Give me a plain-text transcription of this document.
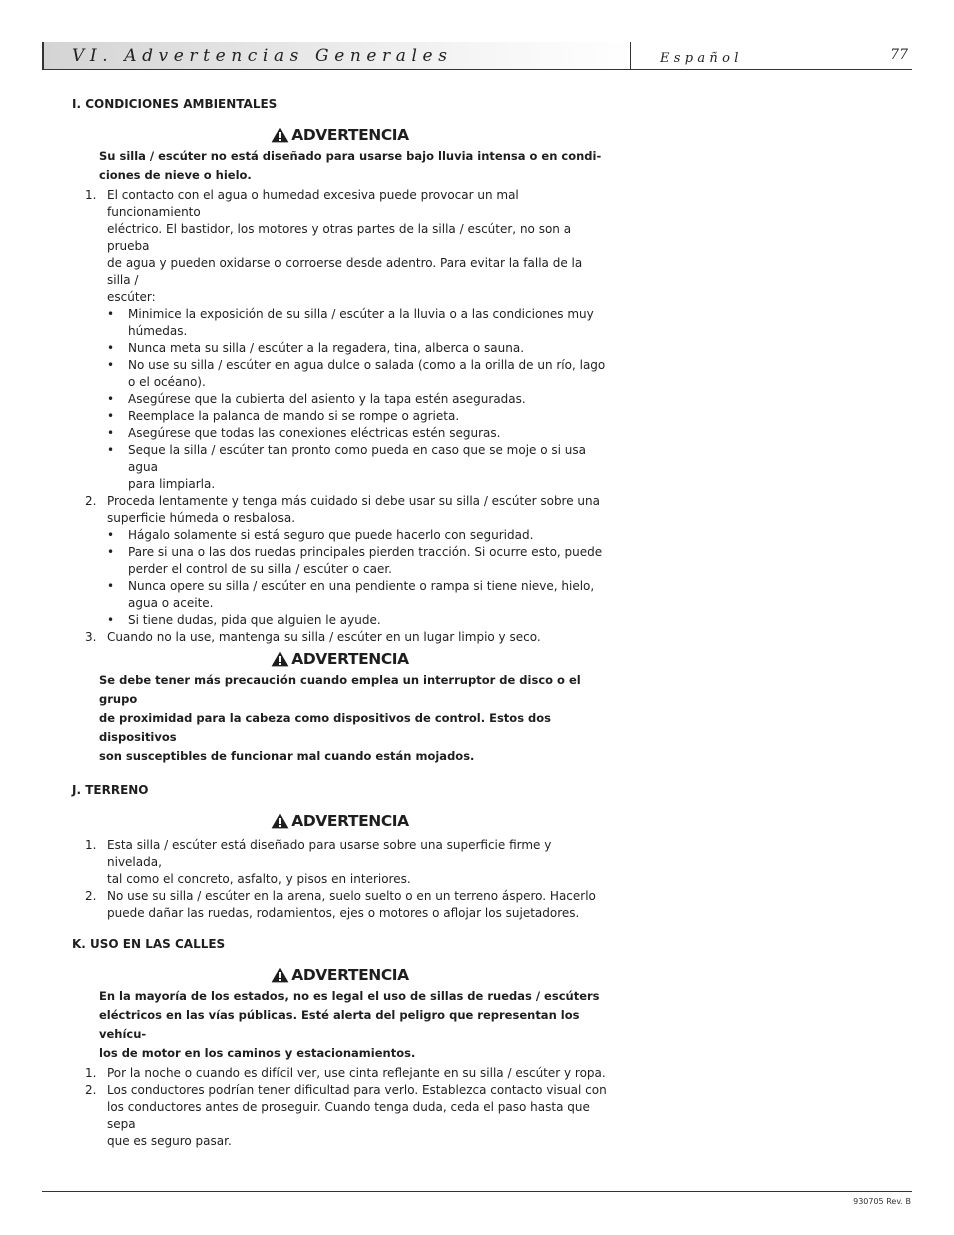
VI. Advertencias Generales	Español	77
I. CONDICIONES AMBIENTALES
ADVERTENCIA
Su silla / escúter no está diseñado para usarse bajo lluvia intensa o en condi-
ciones de nieve o hielo.
1. El contacto con el agua o humedad excesiva puede provocar un mal funcionamiento
eléctrico. El bastidor, los motores y otras partes de la silla / escúter, no son a prueba
de agua y pueden oxidarse o corroerse desde adentro. Para evitar la falla de la silla /
escúter:
• Minimice la exposición de su silla / escúter a la lluvia o a las condiciones muy
húmedas.
• Nunca meta su silla / escúter a la regadera, tina, alberca o sauna.
• No use su silla / escúter en agua dulce o salada (como a la orilla de un río, lago
o el océano).
• Asegúrese que la cubierta del asiento y la tapa estén aseguradas.
• Reemplace la palanca de mando si se rompe o agrieta.
• Asegúrese que todas las conexiones eléctricas estén seguras.
• Seque la silla / escúter tan pronto como pueda en caso que se moje o si usa agua
para limpiarla.
2. Proceda lentamente y tenga más cuidado si debe usar su silla / escúter sobre una
superficie húmeda o resbalosa.
• Hágalo solamente si está seguro que puede hacerlo con seguridad.
• Pare si una o las dos ruedas principales pierden tracción. Si ocurre esto, puede
perder el control de su silla / escúter o caer.
• Nunca opere su silla / escúter en una pendiente o rampa si tiene nieve, hielo,
agua o aceite.
• Si tiene dudas, pida que alguien le ayude.
3. Cuando no la use, mantenga su silla / escúter en un lugar limpio y seco.
ADVERTENCIA
Se debe tener más precaución cuando emplea un interruptor de disco o el grupo
de proximidad para la cabeza como dispositivos de control. Estos dos dispositivos
son susceptibles de funcionar mal cuando están mojados.
J. TERRENO
ADVERTENCIA
1. Esta silla / escúter está diseñado para usarse sobre una superficie firme y nivelada,
tal como el concreto, asfalto, y pisos en interiores.
2. No use su silla / escúter en la arena, suelo suelto o en un terreno áspero. Hacerlo
puede dañar las ruedas, rodamientos, ejes o motores o aflojar los sujetadores.
K. USO EN LAS CALLES
ADVERTENCIA
En la mayoría de los estados, no es legal el uso de sillas de ruedas / escúters
eléctricos en las vías públicas. Esté alerta del peligro que representan los vehícu-
los de motor en los caminos y estacionamientos.
1. Por la noche o cuando es difícil ver, use cinta reflejante en su silla / escúter y ropa.
2. Los conductores podrían tener dificultad para verlo. Establezca contacto visual con
los conductores antes de proseguir. Cuando tenga duda, ceda el paso hasta que sepa
que es seguro pasar.
930705 Rev. B
